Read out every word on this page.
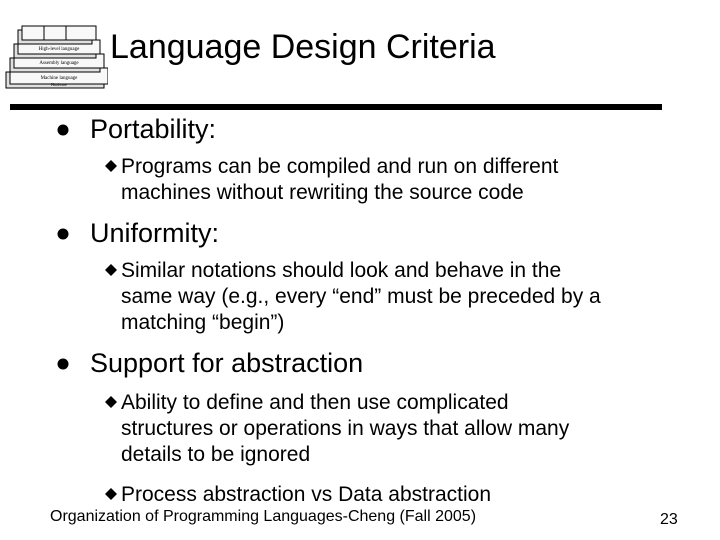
High-level language
Assembly language
Machine language
Hardware
Language Design Criteria
Portability:
Programs can be compiled and run on different
machines without rewriting the source code
Uniformity:
Similar notations should look and behave in the
same way (e.g., every “end” must be preceded by a
matching “begin”)
Support for abstraction
Ability to define and then use complicated
structures or operations in ways that allow many
details to be ignored
Process abstraction vs Data abstraction
Organization of Programming Languages-Cheng (Fall 2005)	23
